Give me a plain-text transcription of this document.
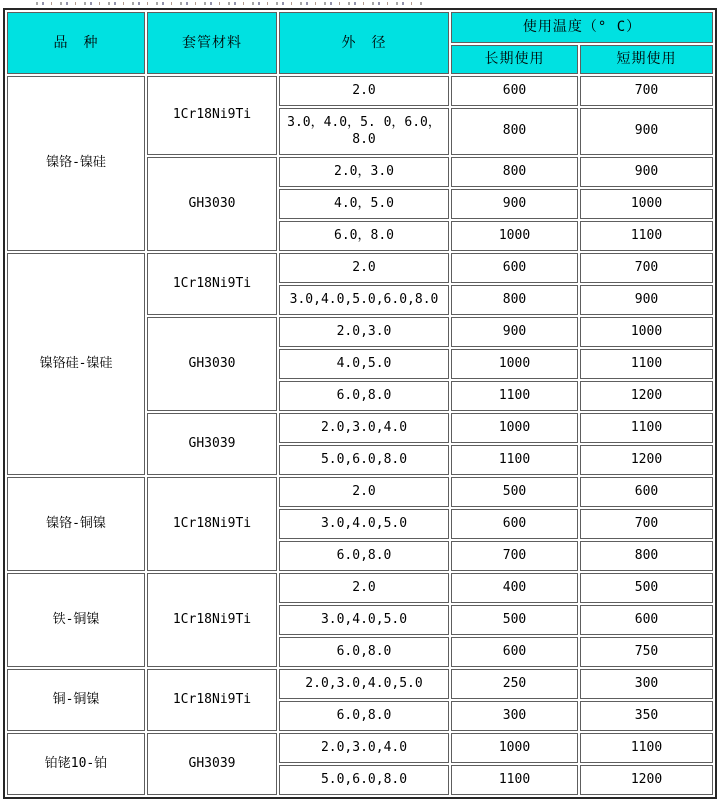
品　种	套管材料	外　径	使用温度（° C）	
			长期使用	短期使用
镍铬-镍硅	1Cr18Ni9Ti	2.0	600	700
		3.0，4.0，5. 0，6.0，8.0	800	900
	GH3030	2.0，3.0	800	900
		4.0，5.0	900	1000
		6.0，8.0	1000	1100
镍铬硅-镍硅	1Cr18Ni9Ti	2.0	600	700
		3.0,4.0,5.0,6.0,8.0	800	900
	GH3030	2.0,3.0	900	1000
		4.0,5.0	1000	1100
		6.0,8.0	1100	1200
	GH3039	2.0,3.0,4.0	1000	1100
		5.0,6.0,8.0	1100	1200
镍铬-铜镍	1Cr18Ni9Ti	2.0	500	600
		3.0,4.0,5.0	600	700
		6.0,8.0	700	800
铁-铜镍	1Cr18Ni9Ti	2.0	400	500
		3.0,4.0,5.0	500	600
		6.0,8.0	600	750
铜-铜镍	1Cr18Ni9Ti	2.0,3.0,4.0,5.0	250	300
		6.0,8.0	300	350
铂铑10-铂	GH3039	2.0,3.0,4.0	1000	1100
		5.0,6.0,8.0	1100	1200
